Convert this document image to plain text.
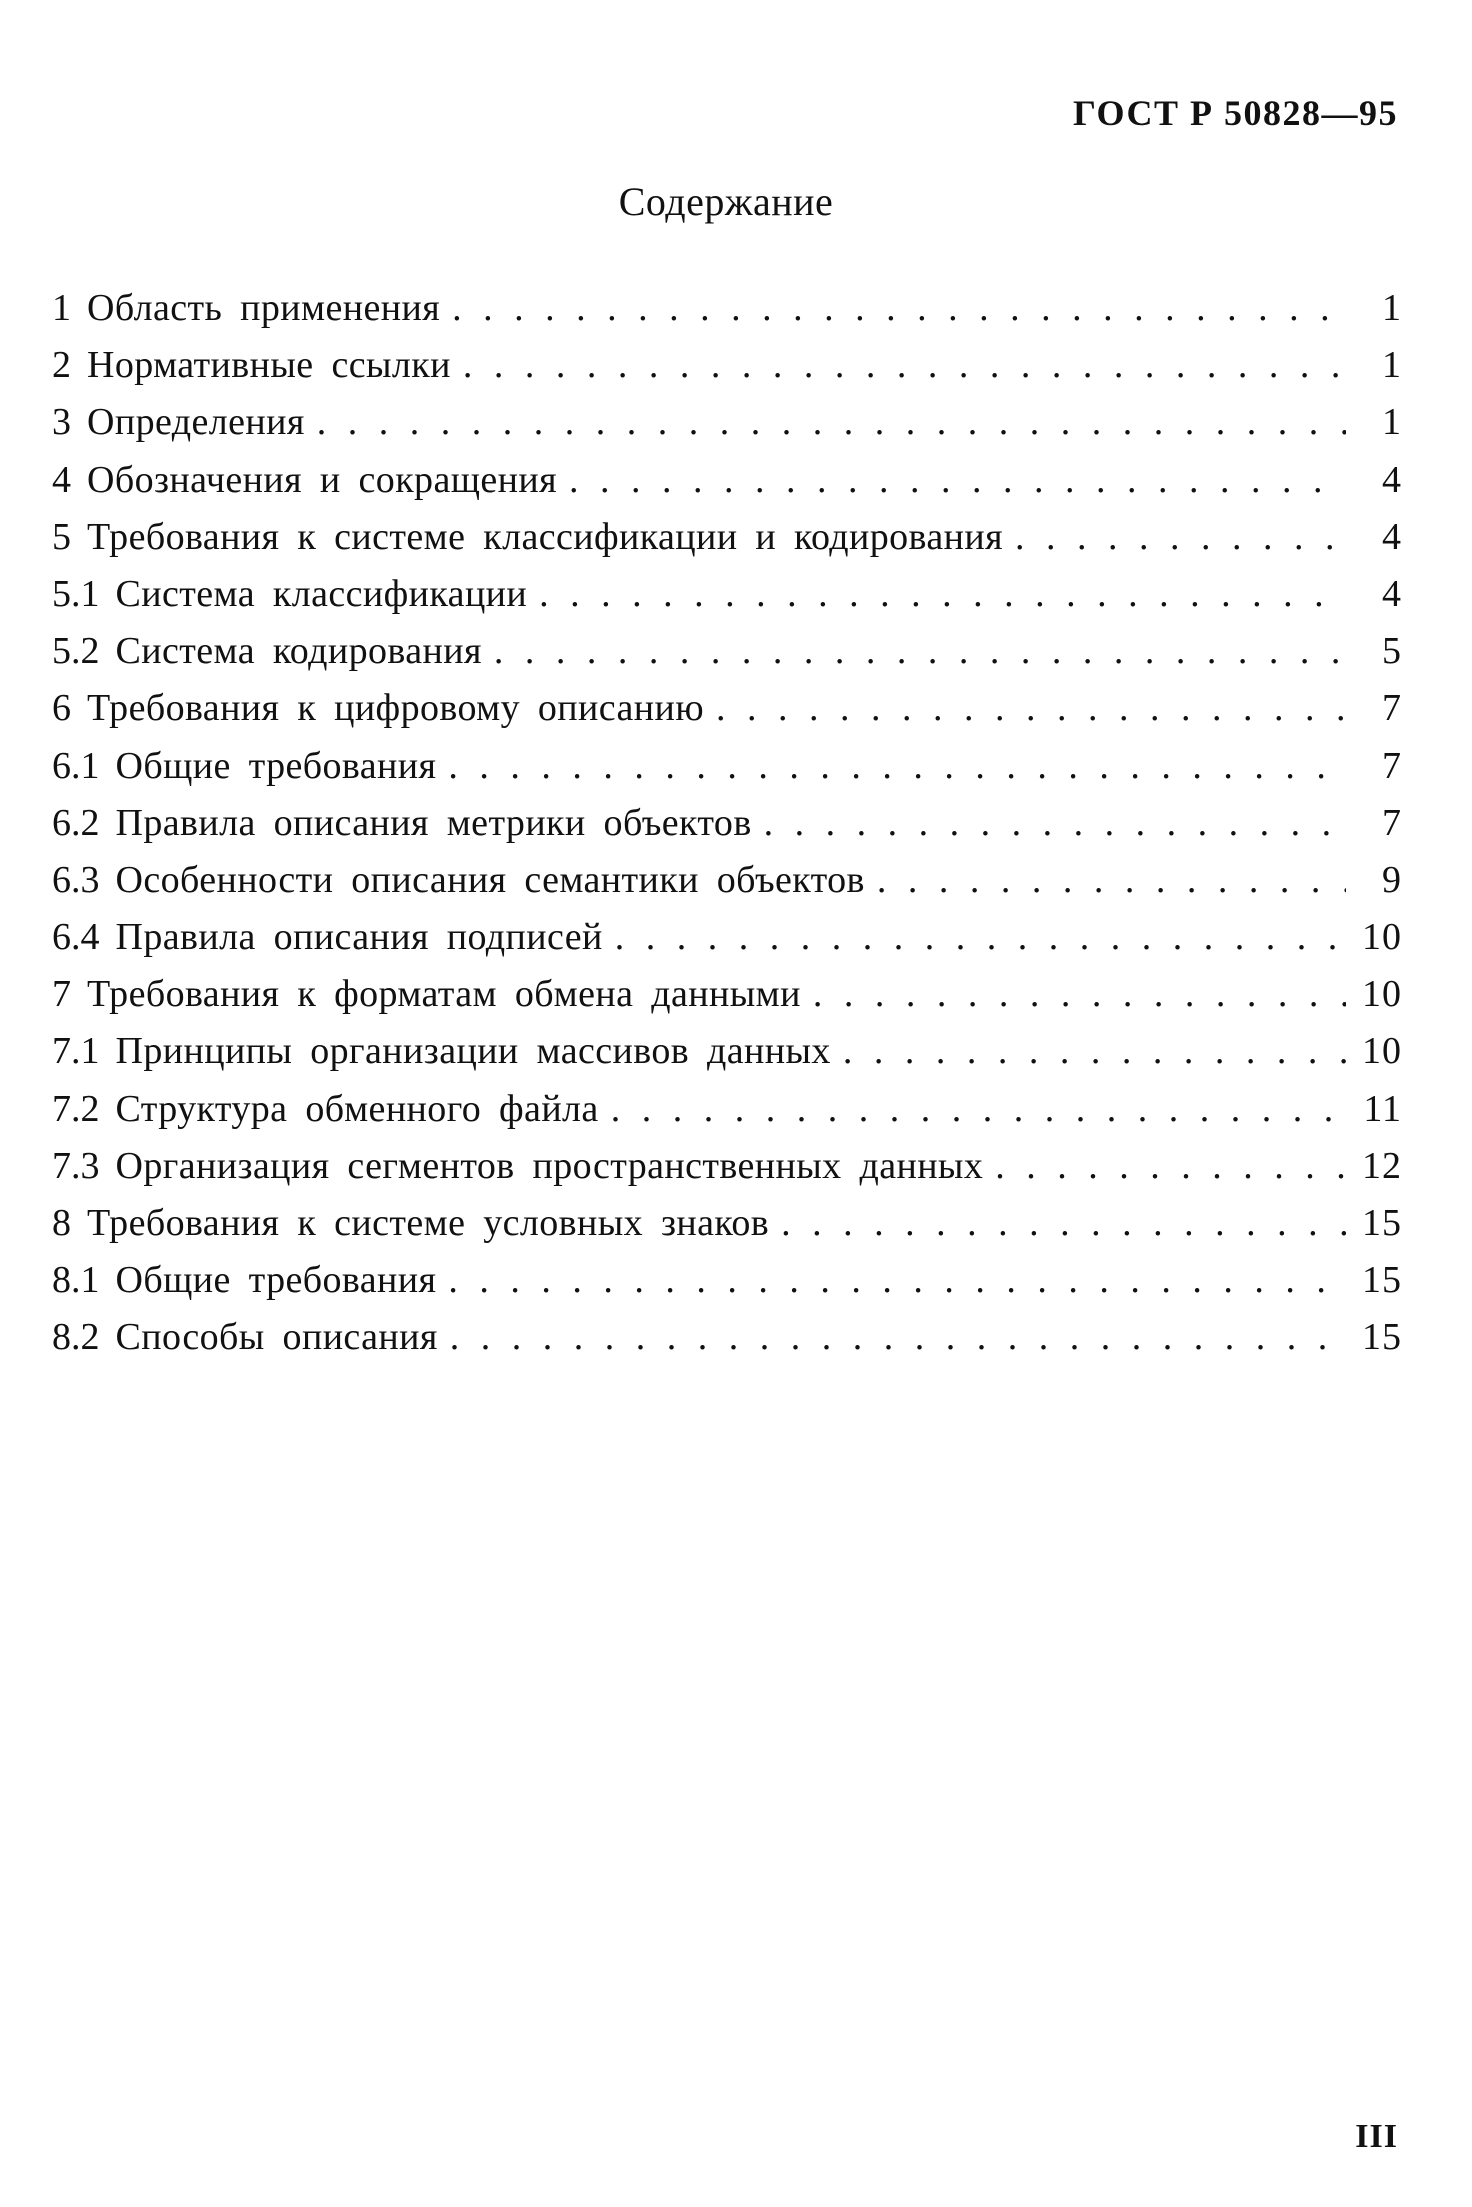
ГОСТ Р 50828—95
Содержание
1 Область применения . . .	1
2 Нормативные ссылки . . .	1
3 Определения . . .	1
4 Обозначения и сокращения . . .	4
5 Требования к системе классификации и кодирования . . .	4
5.1 Система классификации . . .	4
5.2 Система кодирования . . .	5
6 Требования к цифровому описанию . . .	7
6.1 Общие требования . . .	7
6.2 Правила описания метрики объектов . . .	7
6.3 Особенности описания семантики объектов . . .	9
6.4 Правила описания подписей . . .	10
7 Требования к форматам обмена данными . . .	10
7.1 Принципы организации массивов данных . . .	10
7.2 Структура обменного файла . . .	11
7.3 Организация сегментов пространственных данных . . .	12
8 Требования к системе условных знаков . . .	15
8.1 Общие требования . . .	15
8.2 Способы описания . . .	15
III
